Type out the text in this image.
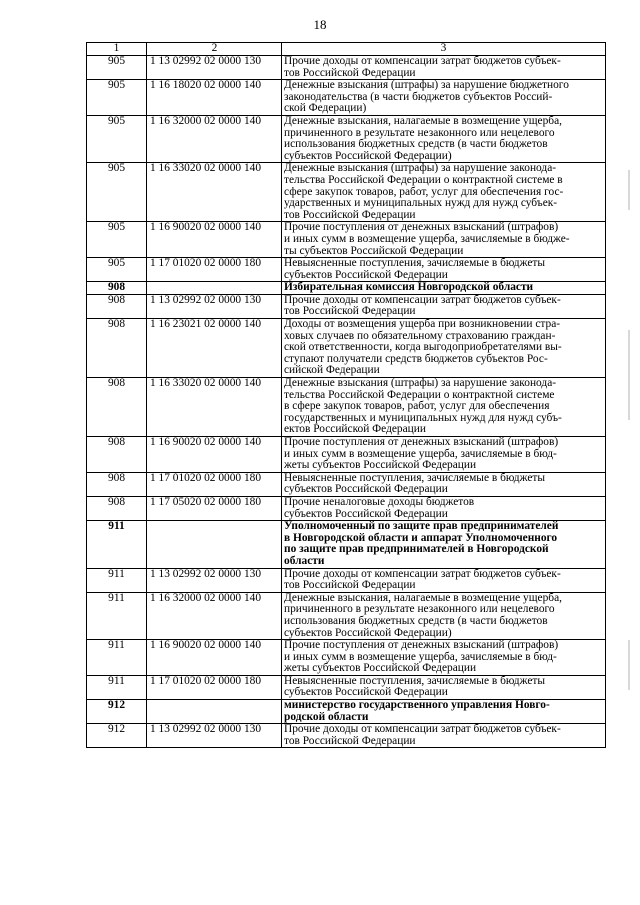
18
1	2	3
905	1 13 02992 02 0000 130	Прочие доходы от компенсации затрат бюджетов субъек-
тов Российской Федерации
905	1 16 18020 02 0000 140	Денежные взыскания (штрафы) за нарушение бюджетного
законодательства (в части бюджетов субъектов Россий-
ской Федерации)
905	1 16 32000 02 0000 140	Денежные взыскания, налагаемые в возмещение ущерба,
причиненного в результате незаконного или нецелевого
использования бюджетных средств (в части бюджетов
субъектов Российской Федерации)
905	1 16 33020 02 0000 140	Денежные взыскания (штрафы) за нарушение законода-
тельства Российской Федерации о контрактной системе в
сфере закупок товаров, работ, услуг для обеспечения гос-
ударственных и муниципальных нужд для нужд субъек-
тов Российской Федерации
905	1 16 90020 02 0000 140	Прочие поступления от денежных взысканий (штрафов)
и иных сумм в возмещение ущерба, зачисляемые в бюдже-
ты субъектов Российской Федерации
905	1 17 01020 02 0000 180	Невыясненные поступления, зачисляемые в бюджеты
субъектов Российской Федерации
908		Избирательная комиссия Новгородской области
908	1 13 02992 02 0000 130	Прочие доходы от компенсации затрат бюджетов субъек-
тов Российской Федерации
908	1 16 23021 02 0000 140	Доходы от возмещения ущерба при возникновении стра-
ховых случаев по обязательному страхованию граждан-
ской ответственности, когда выгодоприобретателями вы-
ступают получатели средств бюджетов субъектов Рос-
сийской Федерации
908	1 16 33020 02 0000 140	Денежные взыскания (штрафы) за нарушение законода-
тельства Российской Федерации о контрактной системе
в сфере закупок товаров, работ, услуг для обеспечения
государственных и муниципальных нужд для нужд субъ-
ектов Российской Федерации
908	1 16 90020 02 0000 140	Прочие поступления от денежных взысканий (штрафов)
и иных сумм в возмещение ущерба, зачисляемые в бюд-
жеты субъектов Российской Федерации
908	1 17 01020 02 0000 180	Невыясненные поступления, зачисляемые в бюджеты
субъектов Российской Федерации
908	1 17 05020 02 0000 180	Прочие неналоговые доходы бюджетов
субъектов Российской Федерации
911		Уполномоченный по защите прав предпринимателей
в Новгородской области и аппарат Уполномоченного
по защите прав предпринимателей в Новгородской
области
911	1 13 02992 02 0000 130	Прочие доходы от компенсации затрат бюджетов субъек-
тов Российской Федерации
911	1 16 32000 02 0000 140	Денежные взыскания, налагаемые в возмещение ущерба,
причиненного в результате незаконного или нецелевого
использования бюджетных средств (в части бюджетов
субъектов Российской Федерации)
911	1 16 90020 02 0000 140	Прочие поступления от денежных взысканий (штрафов)
и иных сумм в возмещение ущерба, зачисляемые в бюд-
жеты субъектов Российской Федерации
911	1 17 01020 02 0000 180	Невыясненные поступления, зачисляемые в бюджеты
субъектов Российской Федерации
912		министерство государственного управления Новго-
родской области
912	1 13 02992 02 0000 130	Прочие доходы от компенсации затрат бюджетов субъек-
тов Российской Федерации
